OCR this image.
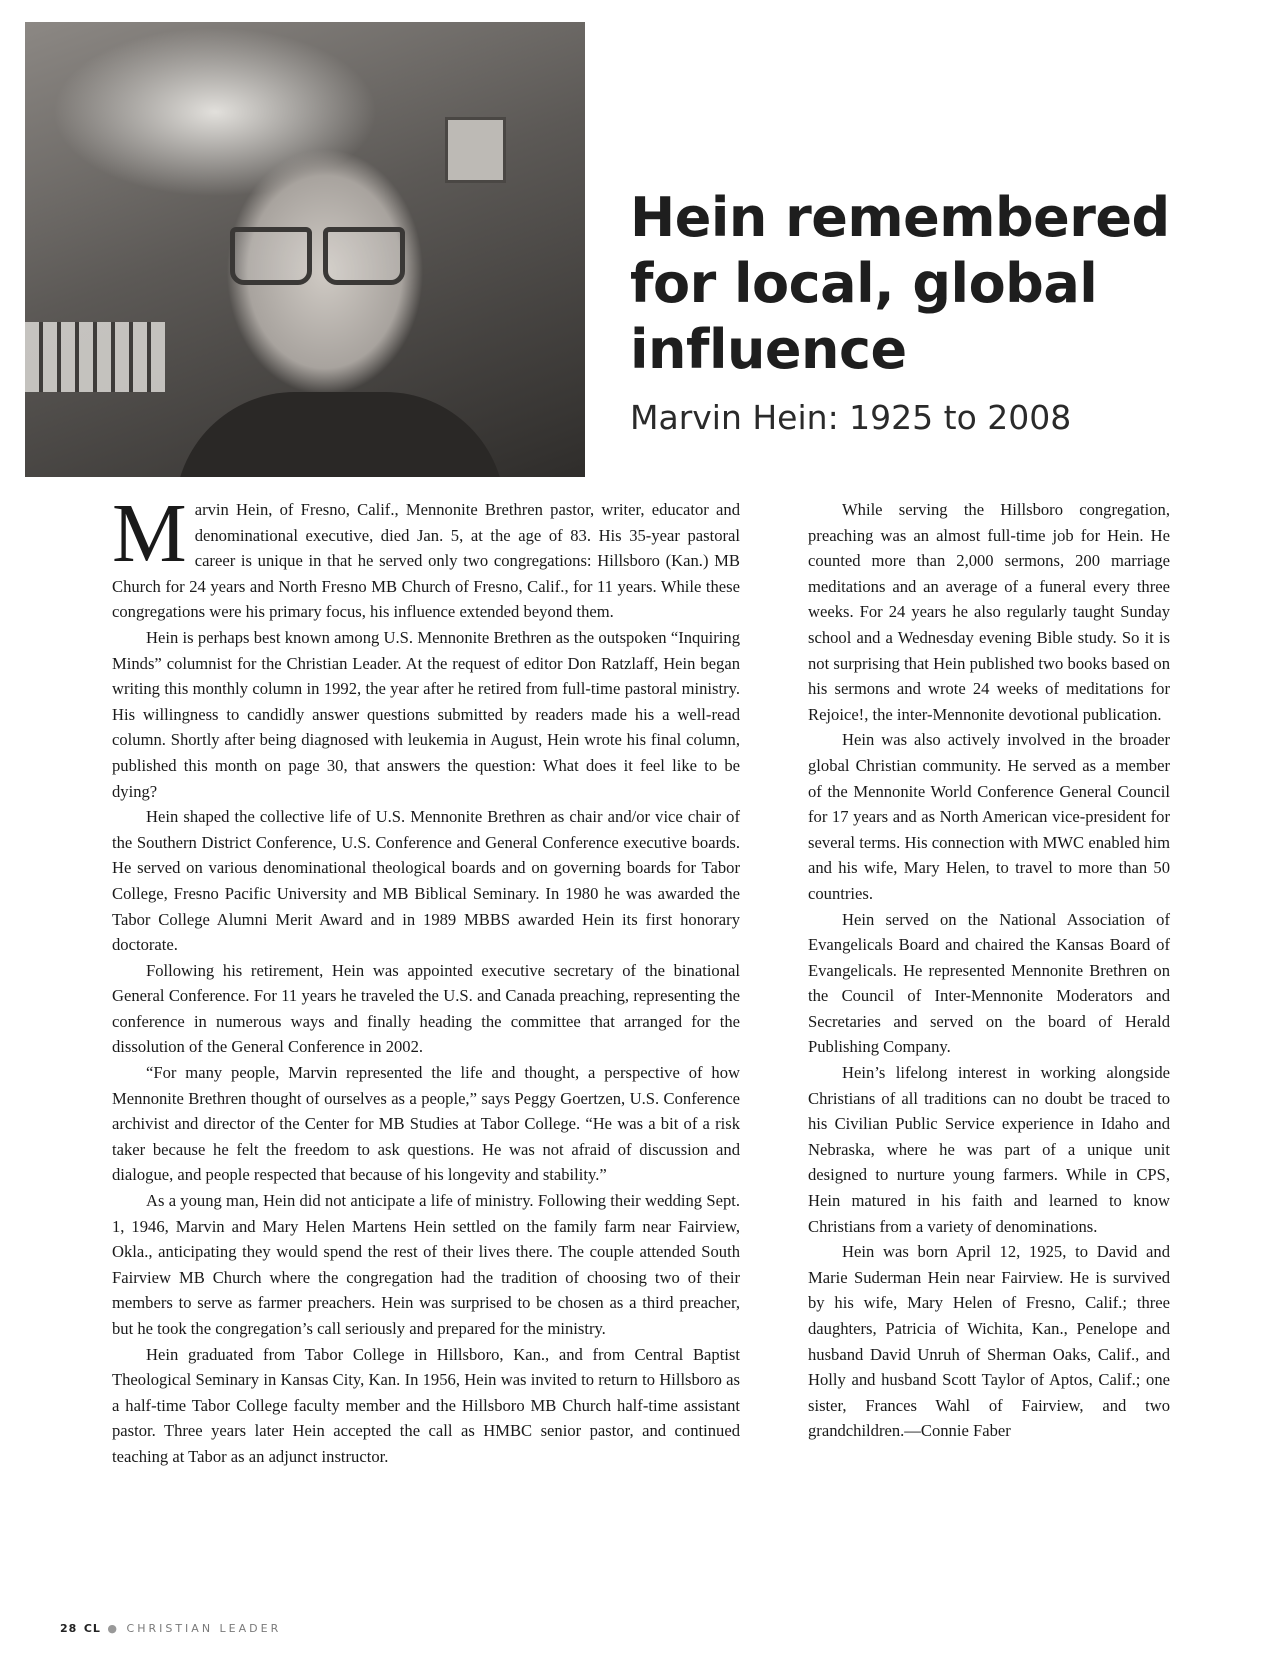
Hein remembered for local, global influence
Marvin Hein: 1925 to 2008

Marvin Hein, of Fresno, Calif., Mennonite Brethren pastor, writer, educator and denominational executive, died Jan. 5, at the age of 83. His 35-year pastoral career is unique in that he served only two congregations: Hillsboro (Kan.) MB Church for 24 years and North Fresno MB Church of Fresno, Calif., for 11 years. While these congregations were his primary focus, his influence extended beyond them.

Hein is perhaps best known among U.S. Mennonite Brethren as the outspoken “Inquiring Minds” columnist for the Christian Leader. At the request of editor Don Ratzlaff, Hein began writing this monthly column in 1992, the year after he retired from full-time pastoral ministry. His willingness to candidly answer questions submitted by readers made his a well-read column. Shortly after being diagnosed with leukemia in August, Hein wrote his final column, published this month on page 30, that answers the question: What does it feel like to be dying?

Hein shaped the collective life of U.S. Mennonite Brethren as chair and/or vice chair of the Southern District Conference, U.S. Conference and General Conference executive boards. He served on various denominational theological boards and on governing boards for Tabor College, Fresno Pacific University and MB Biblical Seminary. In 1980 he was awarded the Tabor College Alumni Merit Award and in 1989 MBBS awarded Hein its first honorary doctorate.

Following his retirement, Hein was appointed executive secretary of the binational General Conference. For 11 years he traveled the U.S. and Canada preaching, representing the conference in numerous ways and finally heading the committee that arranged for the dissolution of the General Conference in 2002.

“For many people, Marvin represented the life and thought, a perspective of how Mennonite Brethren thought of ourselves as a people,” says Peggy Goertzen, U.S. Conference archivist and director of the Center for MB Studies at Tabor College. “He was a bit of a risk taker because he felt the freedom to ask questions. He was not afraid of discussion and dialogue, and people respected that because of his longevity and stability.”

As a young man, Hein did not anticipate a life of ministry. Following their wedding Sept. 1, 1946, Marvin and Mary Helen Martens Hein settled on the family farm near Fairview, Okla., anticipating they would spend the rest of their lives there. The couple attended South Fairview MB Church where the congregation had the tradition of choosing two of their members to serve as farmer preachers. Hein was surprised to be chosen as a third preacher, but he took the congregation’s call seriously and prepared for the ministry.

Hein graduated from Tabor College in Hillsboro, Kan., and from Central Baptist Theological Seminary in Kansas City, Kan. In 1956, Hein was invited to return to Hillsboro as a half-time Tabor College faculty member and the Hillsboro MB Church half-time assistant pastor. Three years later Hein accepted the call as HMBC senior pastor, and continued teaching at Tabor as an adjunct instructor.

While serving the Hillsboro congregation, preaching was an almost full-time job for Hein. He counted more than 2,000 sermons, 200 marriage meditations and an average of a funeral every three weeks. For 24 years he also regularly taught Sunday school and a Wednesday evening Bible study. So it is not surprising that Hein published two books based on his sermons and wrote 24 weeks of meditations for Rejoice!, the inter-Mennonite devotional publication.

Hein was also actively involved in the broader global Christian community. He served as a member of the Mennonite World Conference General Council for 17 years and as North American vice-president for several terms. His connection with MWC enabled him and his wife, Mary Helen, to travel to more than 50 countries.

Hein served on the National Association of Evangelicals Board and chaired the Kansas Board of Evangelicals. He represented Mennonite Brethren on the Council of Inter-Mennonite Moderators and Secretaries and served on the board of Herald Publishing Company.

Hein’s lifelong interest in working alongside Christians of all traditions can no doubt be traced to his Civilian Public Service experience in Idaho and Nebraska, where he was part of a unique unit designed to nurture young farmers. While in CPS, Hein matured in his faith and learned to know Christians from a variety of denominations.

Hein was born April 12, 1925, to David and Marie Suderman Hein near Fairview. He is survived by his wife, Mary Helen of Fresno, Calif.; three daughters, Patricia of Wichita, Kan., Penelope and husband David Unruh of Sherman Oaks, Calif., and Holly and husband Scott Taylor of Aptos, Calif.; one sister, Frances Wahl of Fairview, and two grandchildren.—Connie Faber

28 CL ● CHRISTIAN LEADER
